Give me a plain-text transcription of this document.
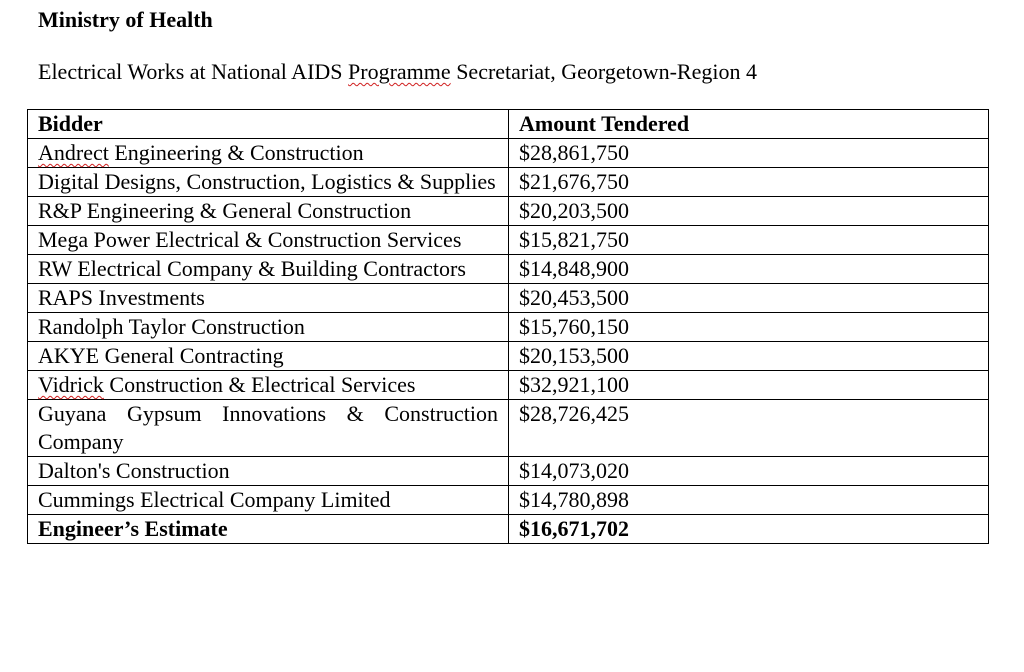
Ministry of Health
Electrical Works at National AIDS Programme Secretariat, Georgetown-Region 4
Bidder	Amount Tendered
Andrect Engineering & Construction	$28,861,750
Digital Designs, Construction, Logistics & Supplies	$21,676,750
R&P Engineering & General Construction	$20,203,500
Mega Power Electrical & Construction Services	$15,821,750
RW Electrical Company & Building Contractors	$14,848,900
RAPS Investments	$20,453,500
Randolph Taylor Construction	$15,760,150
AKYE General Contracting	$20,153,500
Vidrick Construction & Electrical Services	$32,921,100
Guyana Gypsum Innovations & Construction Company	$28,726,425
Dalton's Construction	$14,073,020
Cummings Electrical Company Limited	$14,780,898
Engineer’s Estimate	$16,671,702
